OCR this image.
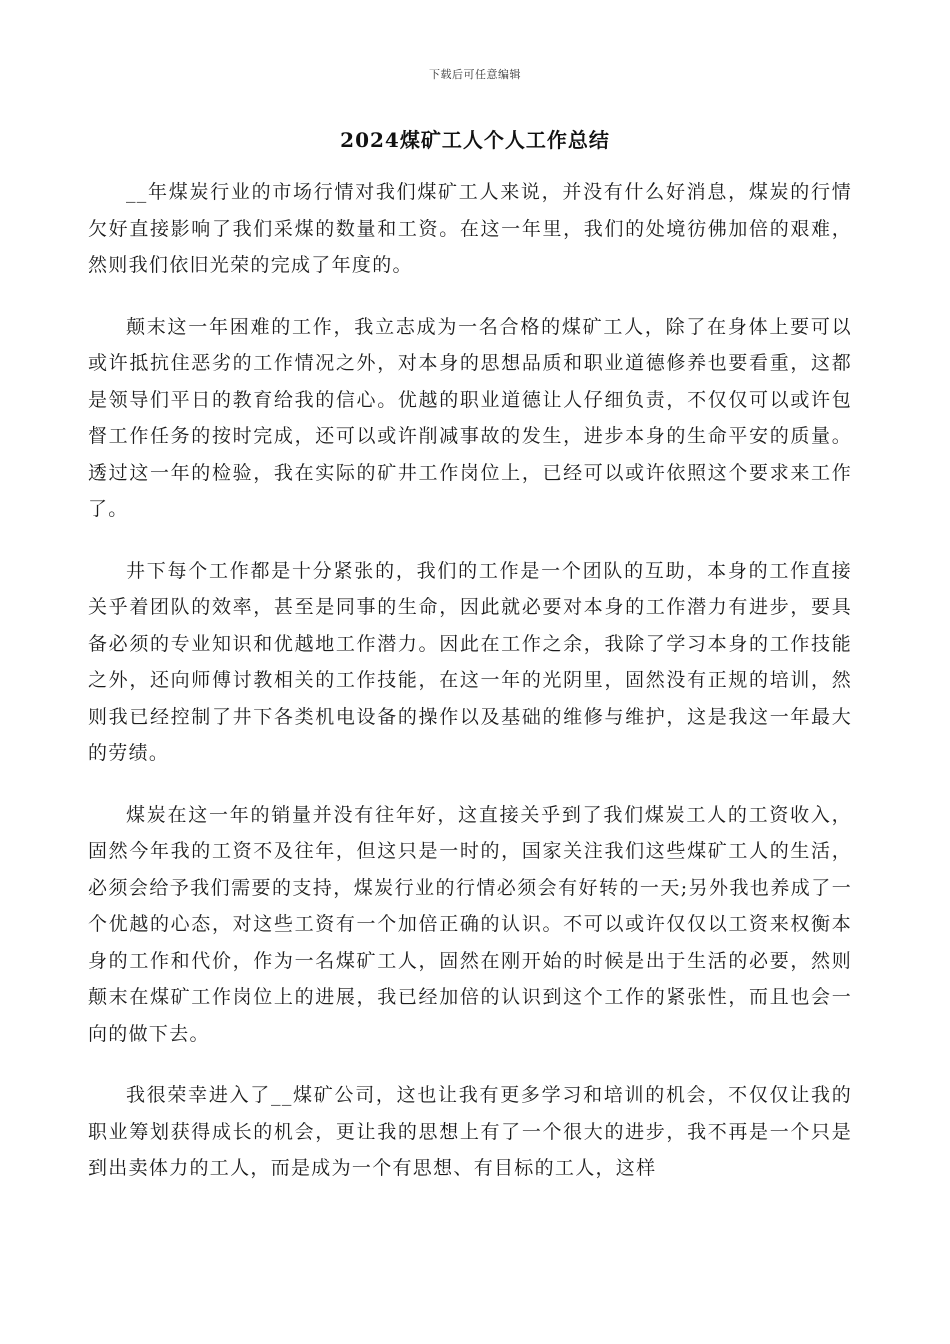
下载后可任意编辑
2024煤矿工人个人工作总结

__年煤炭行业的市场行情对我们煤矿工人来说，并没有什么好消息，煤炭的行情欠好直接影响了我们采煤的数量和工资。在这一年里，我们的处境彷佛加倍的艰难，然则我们依旧光荣的完成了年度的。

颠末这一年困难的工作，我立志成为一名合格的煤矿工人，除了在身体上要可以或许抵抗住恶劣的工作情况之外，对本身的思想品质和职业道德修养也要看重，这都是领导们平日的教育给我的信心。优越的职业道德让人仔细负责，不仅仅可以或许包督工作任务的按时完成，还可以或许削减事故的发生，进步本身的生命平安的质量。透过这一年的检验，我在实际的矿井工作岗位上，已经可以或许依照这个要求来工作了。

井下每个工作都是十分紧张的，我们的工作是一个团队的互助，本身的工作直接关乎着团队的效率，甚至是同事的生命，因此就必要对本身的工作潜力有进步，要具备必须的专业知识和优越地工作潜力。因此在工作之余，我除了学习本身的工作技能之外，还向师傅讨教相关的工作技能，在这一年的光阴里，固然没有正规的培训，然则我已经控制了井下各类机电设备的操作以及基础的维修与维护，这是我这一年最大的劳绩。

煤炭在这一年的销量并没有往年好，这直接关乎到了我们煤炭工人的工资收入，固然今年我的工资不及往年，但这只是一时的，国家关注我们这些煤矿工人的生活，必须会给予我们需要的支持，煤炭行业的行情必须会有好转的一天;另外我也养成了一个优越的心态，对这些工资有一个加倍正确的认识。不可以或许仅仅以工资来权衡本身的工作和代价，作为一名煤矿工人，固然在刚开始的时候是出于生活的必要，然则颠末在煤矿工作岗位上的进展，我已经加倍的认识到这个工作的紧张性，而且也会一向的做下去。

我很荣幸进入了__煤矿公司，这也让我有更多学习和培训的机会，不仅仅让我的职业筹划获得成长的机会，更让我的思想上有了一个很大的进步，我不再是一个只是到出卖体力的工人，而是成为一个有思想、有目标的工人，这样
